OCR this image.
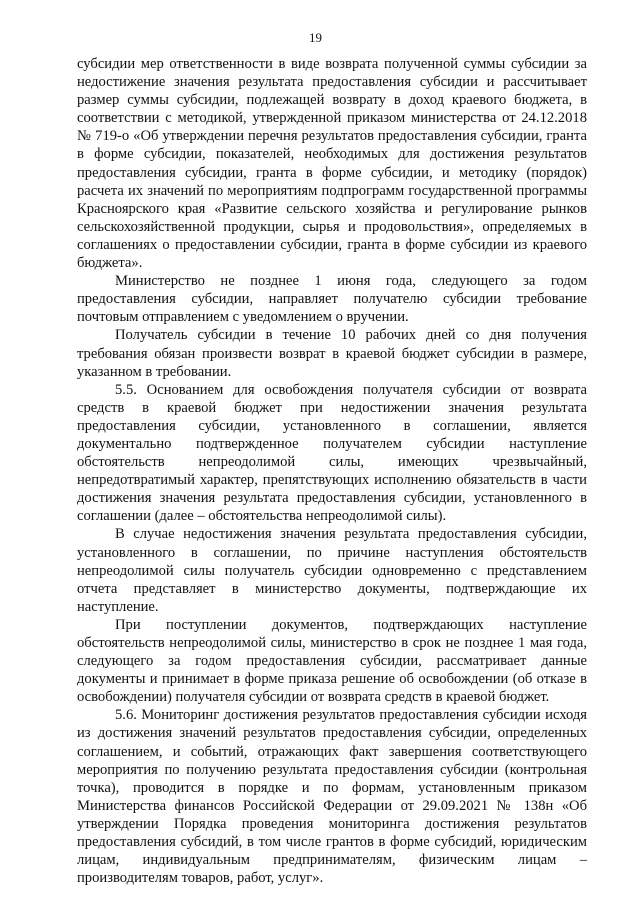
19

субсидии мер ответственности в виде возврата полученной суммы субсидии за недостижение значения результата предоставления субсидии и рассчитывает размер суммы субсидии, подлежащей возврату в доход краевого бюджета, в соответствии с методикой, утвержденной приказом министерства от 24.12.2018 № 719-о «Об утверждении перечня результатов предоставления субсидии, гранта в форме субсидии, показателей, необходимых для достижения результатов предоставления субсидии, гранта в форме субсидии, и методику (порядок) расчета их значений по мероприятиям подпрограмм государственной программы Красноярского края «Развитие сельского хозяйства и регулирование рынков сельскохозяйственной продукции, сырья и продовольствия», определяемых в соглашениях о предоставлении субсидии, гранта в форме субсидии из краевого бюджета».

Министерство не позднее 1 июня года, следующего за годом предоставления субсидии, направляет получателю субсидии требование почтовым отправлением с уведомлением о вручении.

Получатель субсидии в течение 10 рабочих дней со дня получения требования обязан произвести возврат в краевой бюджет субсидии в размере, указанном в требовании.

5.5. Основанием для освобождения получателя субсидии от возврата средств в краевой бюджет при недостижении значения результата предоставления субсидии, установленного в соглашении, является документально подтвержденное получателем субсидии наступление обстоятельств непреодолимой силы, имеющих чрезвычайный, непредотвратимый характер, препятствующих исполнению обязательств в части достижения значения результата предоставления субсидии, установленного в соглашении (далее – обстоятельства непреодолимой силы).

В случае недостижения значения результата предоставления субсидии, установленного в соглашении, по причине наступления обстоятельств непреодолимой силы получатель субсидии одновременно с представлением отчета представляет в министерство документы, подтверждающие их наступление.

При поступлении документов, подтверждающих наступление обстоятельств непреодолимой силы, министерство в срок не позднее 1 мая года, следующего за годом предоставления субсидии, рассматривает данные документы и принимает в форме приказа решение об освобождении (об отказе в освобождении) получателя субсидии от возврата средств в краевой бюджет.

5.6. Мониторинг достижения результатов предоставления субсидии исходя из достижения значений результатов предоставления субсидии, определенных соглашением, и событий, отражающих факт завершения соответствующего мероприятия по получению результата предоставления субсидии (контрольная точка), проводится в порядке и по формам, установленным приказом Министерства финансов Российской Федерации от 29.09.2021 № 138н «Об утверждении Порядка проведения мониторинга достижения результатов предоставления субсидий, в том числе грантов в форме субсидий, юридическим лицам, индивидуальным предпринимателям, физическим лицам – производителям товаров, работ, услуг».
